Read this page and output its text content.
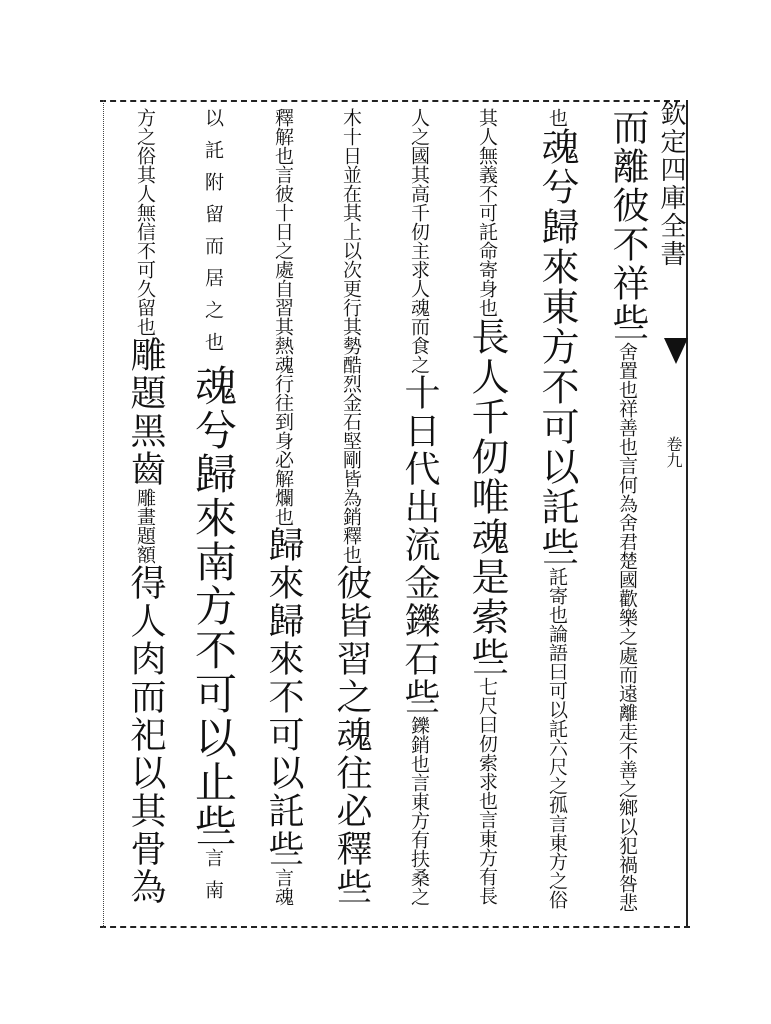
欽定四庫全書
卷九
而離彼不祥些舍置也祥善也言何為舍君楚國歡樂之處而遠離走不善之鄉以犯禍咎悲
也魂兮歸來東方不可以託些託寄也論語曰可以託六尺之孤言東方之俗
其人無義不可託命寄身也長人千仞唯魂是索些七尺曰仞索求也言東方有長
人之國其高千仞主求人魂而食之十日代出流金鑠石些鑠銷也言東方有扶桑之
木十日並在其上以次更行其勢酷烈金石堅剛皆為銷釋也彼皆習之魂往必釋些
釋解也言彼十日之處自習其熱魂行往到身必解爛也歸來歸來不可以託些言魂
以託附留而居之也魂兮歸來南方不可以止些言南
方之俗其人無信不可久留也雕題黑齒雕畫題額得人肉而祀以其骨為
